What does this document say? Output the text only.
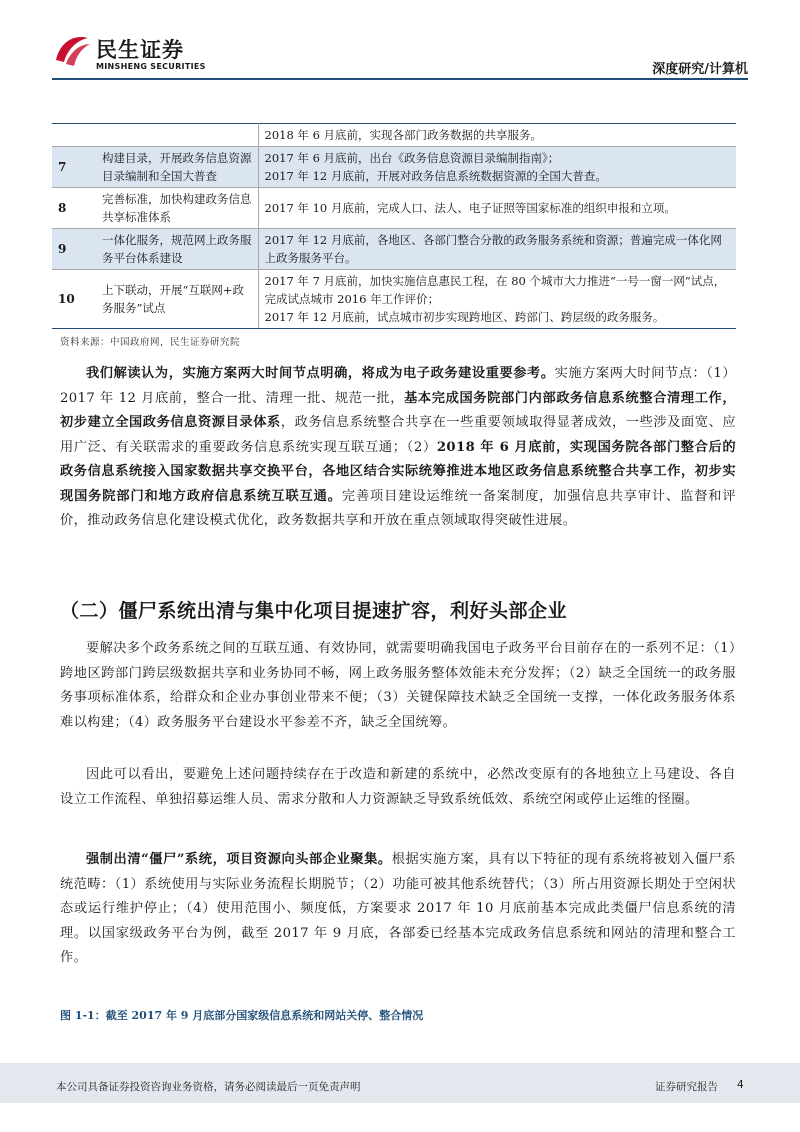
民生证券
MINSHENG SECURITIES	深度研究/计算机

		2018 年 6 月底前，实现各部门政务数据的共享服务。

7	构建目录，开展政务信息资源目录编制和全国大普查	2017 年 6 月底前，出台《政务信息资源目录编制指南》；
2017 年 12 月底前，开展对政务信息系统数据资源的全国大普查。

8	完善标准，加快构建政务信息共享标准体系	2017 年 10 月底前，完成人口、法人、电子证照等国家标准的组织申报和立项。

9	一体化服务，规范网上政务服务平台体系建设	2017 年 12 月底前，各地区、各部门整合分散的政务服务系统和资源；普遍完成一体化网上政务服务平台。

10	上下联动，开展“互联网+政务服务”试点	2017 年 7 月底前，加快实施信息惠民工程，在 80 个城市大力推进“一号一窗一网”试点，完成试点城市 2016 年工作评价；
2017 年 12 月底前，试点城市初步实现跨地区、跨部门、跨层级的政务服务。
资料来源：中国政府网，民生证券研究院
我们解读认为，实施方案两大时间节点明确，将成为电子政务建设重要参考。实施方案两大时间节点：（1）2017 年 12 月底前，整合一批、清理一批、规范一批，基本完成国务院部门内部政务信息系统整合清理工作，初步建立全国政务信息资源目录体系，政务信息系统整合共享在一些重要领域取得显著成效，一些涉及面宽、应用广泛、有关联需求的重要政务信息系统实现互联互通；（2）2018 年 6 月底前，实现国务院各部门整合后的政务信息系统接入国家数据共享交换平台，各地区结合实际统筹推进本地区政务信息系统整合共享工作，初步实现国务院部门和地方政府信息系统互联互通。完善项目建设运维统一备案制度，加强信息共享审计、监督和评价，推动政务信息化建设模式优化，政务数据共享和开放在重点领域取得突破性进展。
（二）僵尸系统出清与集中化项目提速扩容，利好头部企业
要解决多个政务系统之间的互联互通、有效协同，就需要明确我国电子政务平台目前存在的一系列不足：（1）跨地区跨部门跨层级数据共享和业务协同不畅，网上政务服务整体效能未充分发挥；（2）缺乏全国统一的政务服务事项标准体系，给群众和企业办事创业带来不便；（3）关键保障技术缺乏全国统一支撑，一体化政务服务体系难以构建；（4）政务服务平台建设水平参差不齐，缺乏全国统筹。
因此可以看出，要避免上述问题持续存在于改造和新建的系统中，必然改变原有的各地独立上马建设、各自设立工作流程、单独招募运维人员、需求分散和人力资源缺乏导致系统低效、系统空闲或停止运维的怪圈。
强制出清“僵尸”系统，项目资源向头部企业聚集。根据实施方案，具有以下特征的现有系统将被划入僵尸系统范畴：（1）系统使用与实际业务流程长期脱节；（2）功能可被其他系统替代；（3）所占用资源长期处于空闲状态或运行维护停止；（4）使用范围小、频度低，方案要求 2017 年 10 月底前基本完成此类僵尸信息系统的清理。以国家级政务平台为例，截至 2017 年 9 月底，各部委已经基本完成政务信息系统和网站的清理和整合工作。
图 1-1：截至 2017 年 9 月底部分国家级信息系统和网站关停、整合情况
本公司具备证券投资咨询业务资格，请务必阅读最后一页免责声明	证券研究报告 4
